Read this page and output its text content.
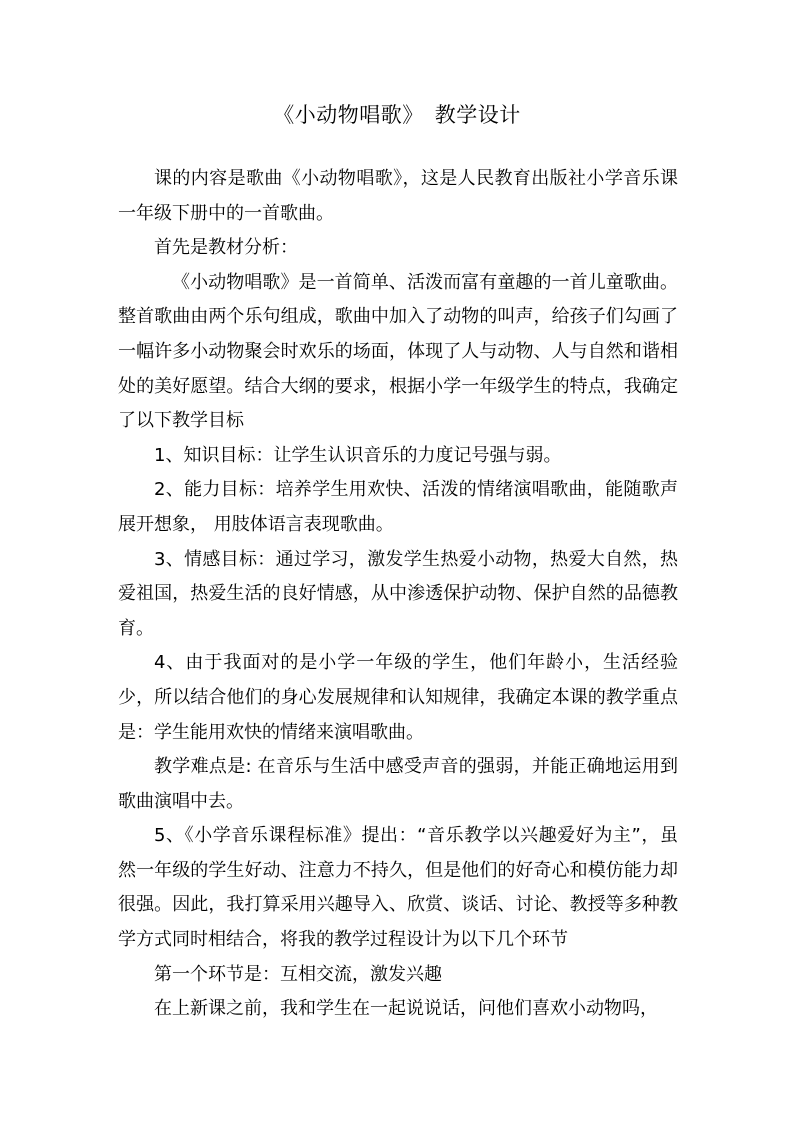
《小动物唱歌》　教学设计

课的内容是歌曲《小动物唱歌》，这是人民教育出版社小学音乐课一年级下册中的一首歌曲。

首先是教材分析：

《小动物唱歌》是一首简单、活泼而富有童趣的一首儿童歌曲。整首歌曲由两个乐句组成，歌曲中加入了动物的叫声，给孩子们勾画了一幅许多小动物聚会时欢乐的场面，体现了人与动物、人与自然和谐相处的美好愿望。结合大纲的要求，根据小学一年级学生的特点，我确定了以下教学目标

1、知识目标：让学生认识音乐的力度记号强与弱。

2、能力目标：培养学生用欢快、活泼的情绪演唱歌曲，能随歌声展开想象， 用肢体语言表现歌曲。

3、情感目标：通过学习，激发学生热爱小动物，热爱大自然，热爱祖国，热爱生活的良好情感，从中渗透保护动物、保护自然的品德教育。

4、由于我面对的是小学一年级的学生，他们年龄小，生活经验少，所以结合他们的身心发展规律和认知规律，我确定本课的教学重点是：学生能用欢快的情绪来演唱歌曲。

教学难点是: 在音乐与生活中感受声音的强弱，并能正确地运用到歌曲演唱中去。

5、《小学音乐课程标准》提出：“音乐教学以兴趣爱好为主”，虽然一年级的学生好动、注意力不持久，但是他们的好奇心和模仿能力却很强。因此，我打算采用兴趣导入、欣赏、谈话、讨论、教授等多种教学方式同时相结合，将我的教学过程设计为以下几个环节

第一个环节是：互相交流，激发兴趣

在上新课之前，我和学生在一起说说话，问他们喜欢小动物吗，
